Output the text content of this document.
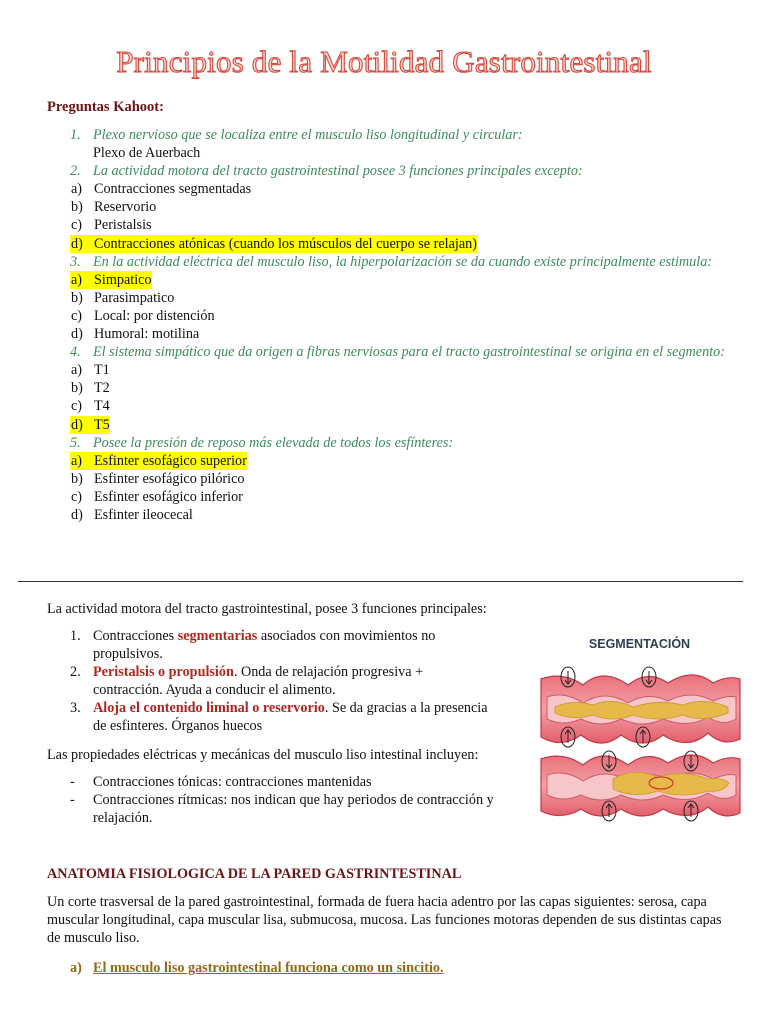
Principios de la Motilidad Gastrointestinal
Preguntas Kahoot:
1. Plexo nervioso que se localiza entre el musculo liso longitudinal y circular:
Plexo de Auerbach
2. La actividad motora del tracto gastrointestinal posee 3 funciones principales excepto:
a) Contracciones segmentadas
b) Reservorio
c) Peristalsis
d) Contracciones atónicas (cuando los músculos del cuerpo se relajan)
3. En la actividad eléctrica del musculo liso, la hiperpolarización se da cuando existe principalmente estimula:
a) Simpatico
b) Parasimpatico
c) Local: por distención
d) Humoral: motilina
4. El sistema simpático que da origen a fibras nerviosas para el tracto gastrointestinal se origina en el segmento:
a) T1
b) T2
c) T4
d) T5
5. Posee la presión de reposo más elevada de todos los esfínteres:
a) Esfinter esofágico superior
b) Esfinter esofágico pilórico
c) Esfinter esofágico inferior
d) Esfinter ileocecal
La actividad motora del tracto gastrointestinal, posee 3 funciones principales:
1. Contracciones segmentarias asociados con movimientos no propulsivos.
2. Peristalsis o propulsión. Onda de relajación progresiva + contracción. Ayuda a conducir el alimento.
3. Aloja el contenido liminal o reservorio. Se da gracias a la presencia de esfinteres. Órganos huecos
SEGMENTACIÓN
Las propiedades eléctricas y mecánicas del musculo liso intestinal incluyen:
-	Contracciones tónicas: contracciones mantenidas
-	Contracciones rítmicas: nos indican que hay periodos de contracción y relajación.
ANATOMIA FISIOLOGICA DE LA PARED GASTRINTESTINAL
Un corte trasversal de la pared gastrointestinal, formada de fuera hacia adentro por las capas siguientes: serosa, capa muscular longitudinal, capa muscular lisa, submucosa, mucosa. Las funciones motoras dependen de sus distintas capas de musculo liso.
a) El musculo liso gastrointestinal funciona como un sincitio.
